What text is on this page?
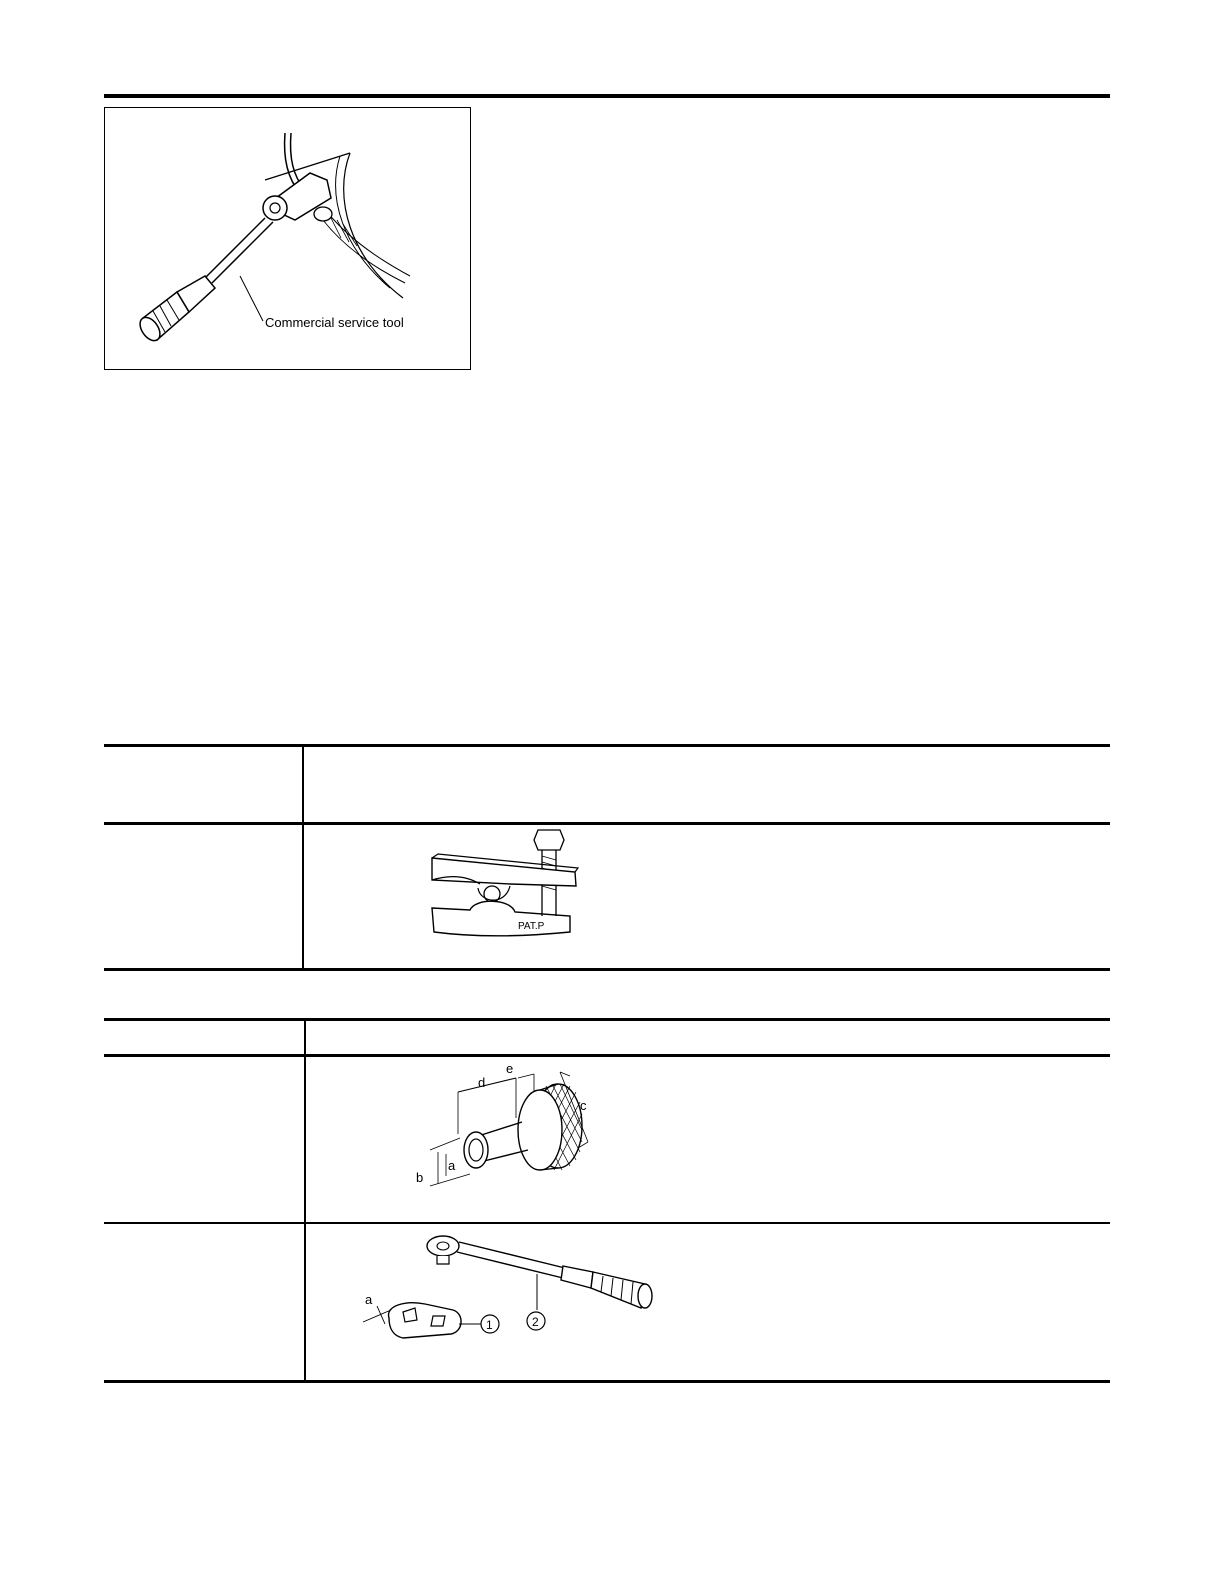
Commercial service tool
PAT.P
d
e
c
a
b
2
1
a
